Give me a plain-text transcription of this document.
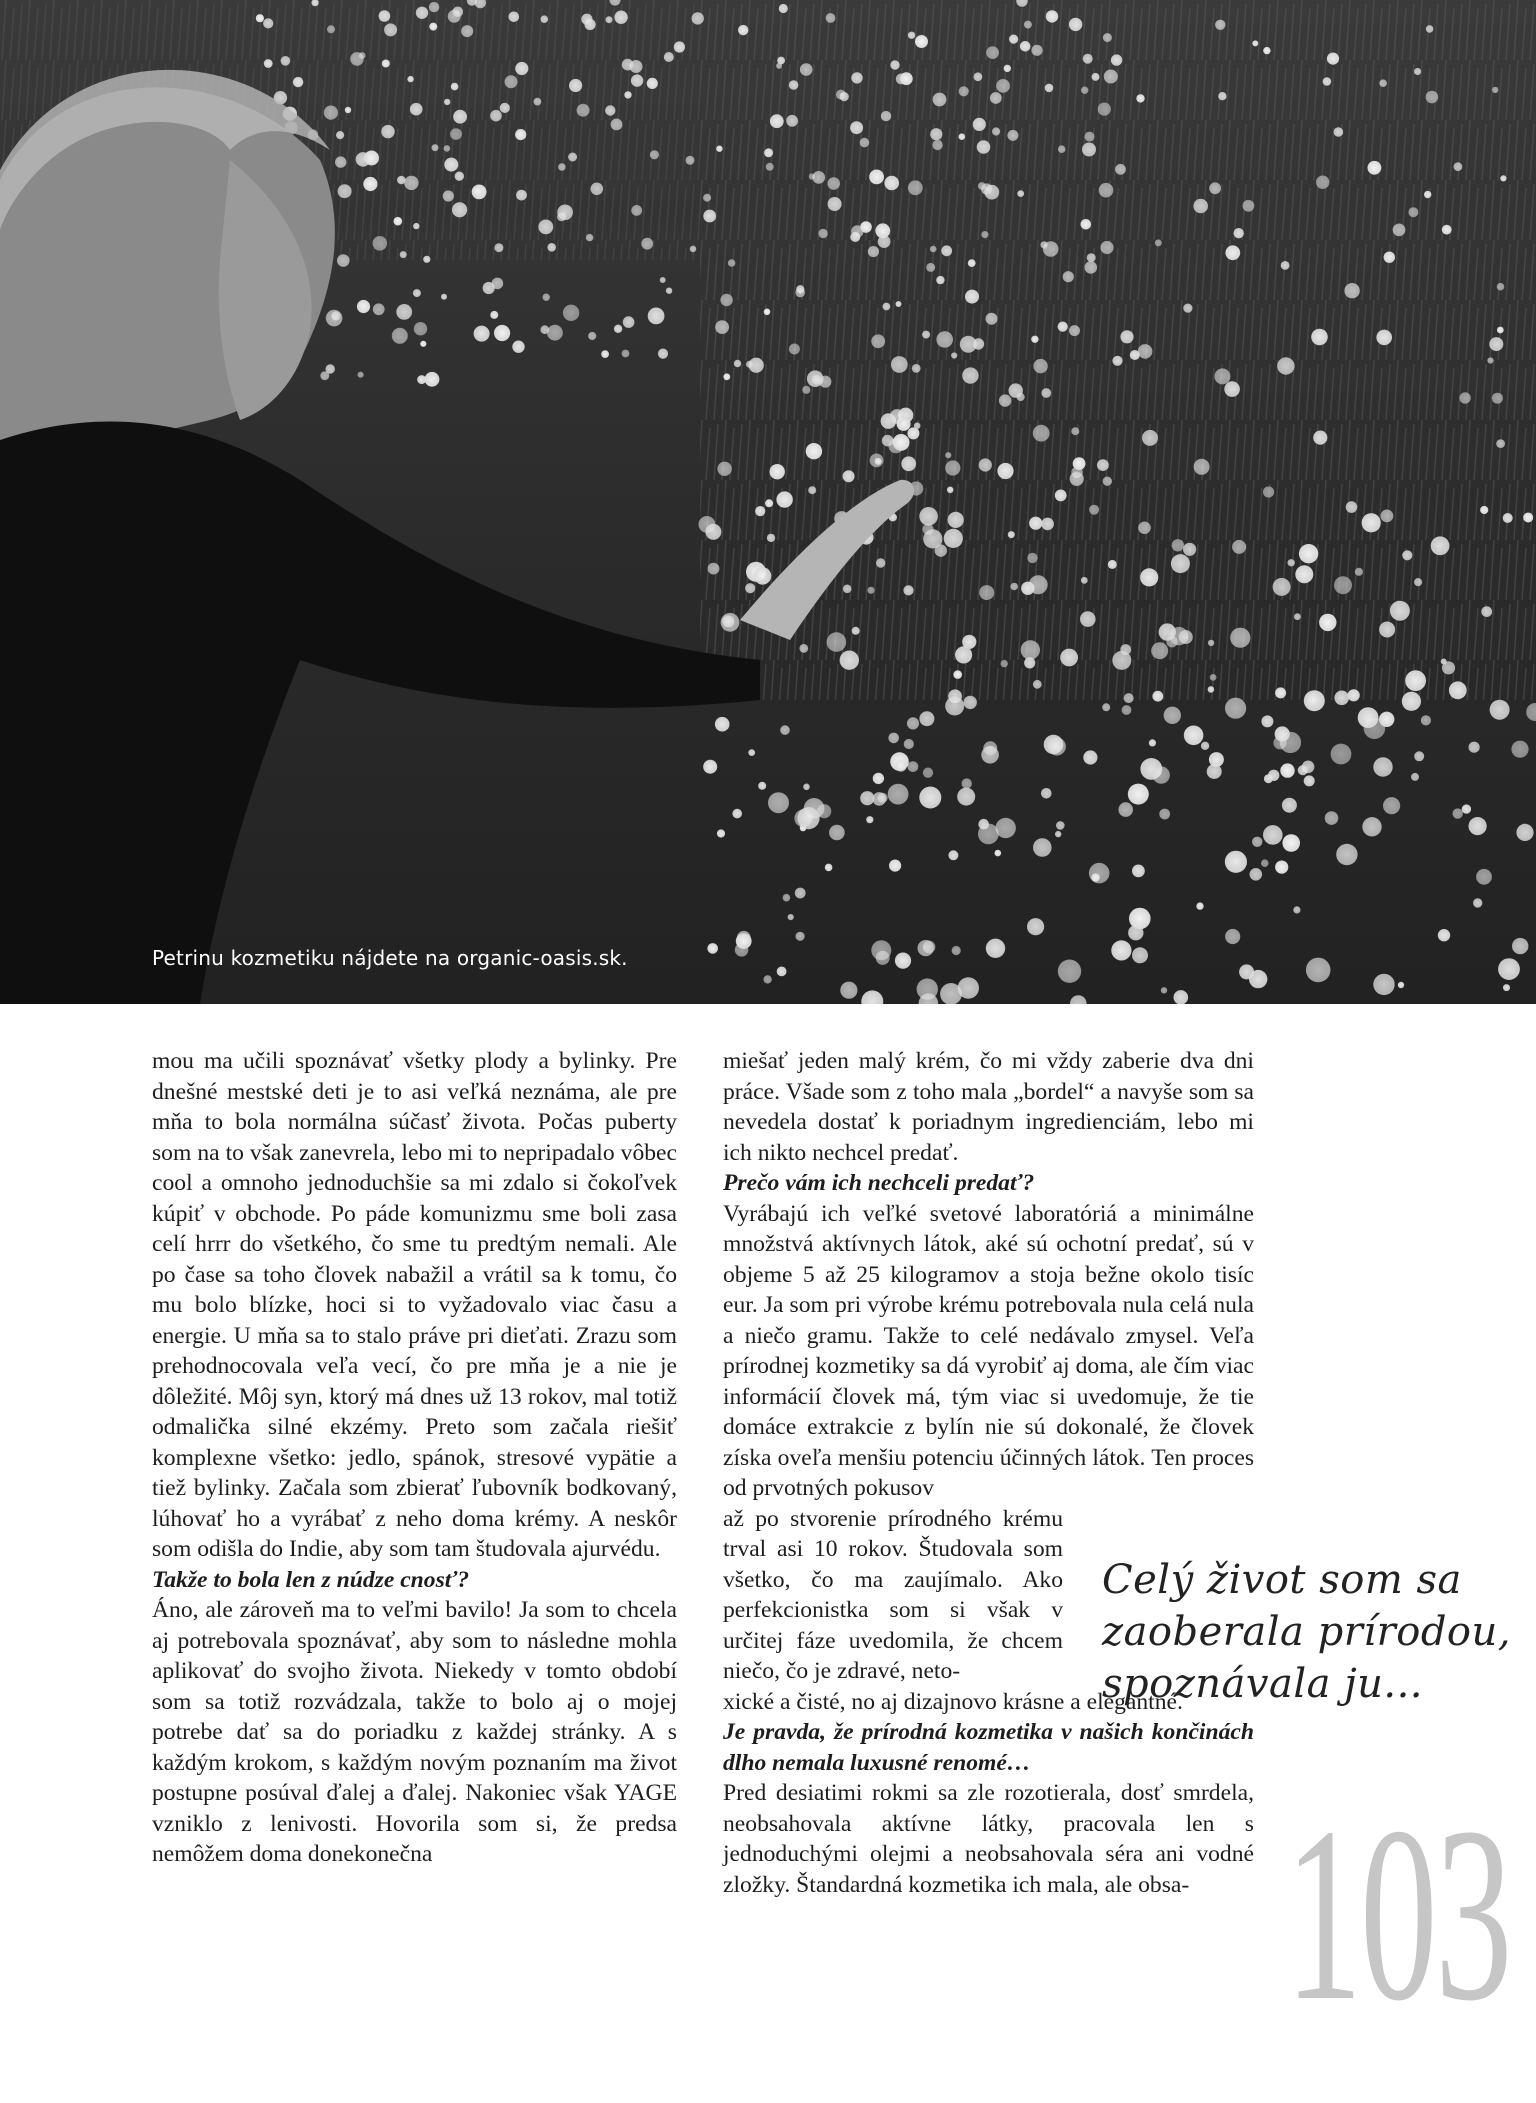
Petrinu kozmetiku nájdete na organic-oasis.sk.

mou ma učili spoznávať všetky plody a bylinky. Pre dnešné mestské deti je to asi veľká neznáma, ale pre mňa to bola normálna súčasť života. Počas puberty som na to však zanevrela, lebo mi to nepripadalo vôbec cool a omnoho jednoduchšie sa mi zdalo si čokoľvek kúpiť v obchode. Po páde komunizmu sme boli zasa celí hrrr do všetkého, čo sme tu predtým nemali. Ale po čase sa toho človek nabažil a vrátil sa k tomu, čo mu bolo blízke, hoci si to vyžadovalo viac času a energie. U mňa sa to stalo práve pri dieťati. Zrazu som prehodnocovala veľa vecí, čo pre mňa je a nie je dôležité. Môj syn, ktorý má dnes už 13 rokov, mal totiž odmalička silné ekzémy. Preto som začala riešiť komplexne všetko: jedlo, spánok, stresové vypätie a tiež bylinky. Začala som zbierať ľubovník bodkovaný, lúhovať ho a vyrábať z neho doma krémy. A neskôr som odišla do Indie, aby som tam študovala ajurvédu.

Takže to bola len z núdze cnosť?

Áno, ale zároveň ma to veľmi bavilo! Ja som to chcela aj potrebovala spoznávať, aby som to následne mohla aplikovať do svojho života. Niekedy v tomto období som sa totiž rozvádzala, takže to bolo aj o mojej potrebe dať sa do poriadku z každej stránky. A s každým krokom, s každým novým poznaním ma život postupne posúval ďalej a ďalej. Nakoniec však YAGE vzniklo z lenivosti. Hovorila som si, že predsa nemôžem doma donekonečna

miešať jeden malý krém, čo mi vždy zaberie dva dni práce. Všade som z toho mala „bordel“ a navyše som sa nevedela dostať k poriadnym ingredienciám, lebo mi ich nikto nechcel predať.

Prečo vám ich nechceli predať?

Vyrábajú ich veľké svetové laboratóriá a minimálne množstvá aktívnych látok, aké sú ochotní predať, sú v objeme 5 až 25 kilogramov a stoja bežne okolo tisíc eur. Ja som pri výrobe krému potrebovala nula celá nula a niečo gramu. Takže to celé nedávalo zmysel. Veľa prírodnej kozmetiky sa dá vyrobiť aj doma, ale čím viac informácií človek má, tým viac si uvedomuje, že tie domáce extrakcie z bylín nie sú dokonalé, že človek získa oveľa menšiu potenciu účinných látok. Ten proces od prvotných pokusov

až po stvorenie prírodného krému trval asi 10 rokov. Študovala som všetko, čo ma zaujímalo. Ako perfekcionistka som si však v určitej fáze uvedomila, že chcem niečo, čo je zdravé, neto-

xické a čisté, no aj dizajnovo krásne a elegantné.

Je pravda, že prírodná kozmetika v našich končinách dlho nemala luxusné renomé…

Pred desiatimi rokmi sa zle rozotierala, dosť smrdela, neobsahovala aktívne látky, pracovala len s jednoduchými olejmi a neobsahovala séra ani vodné zložky. Štandardná kozmetika ich mala, ale obsa-

Celý život som sa
zaoberala prírodou,
spoznávala ju...
103
